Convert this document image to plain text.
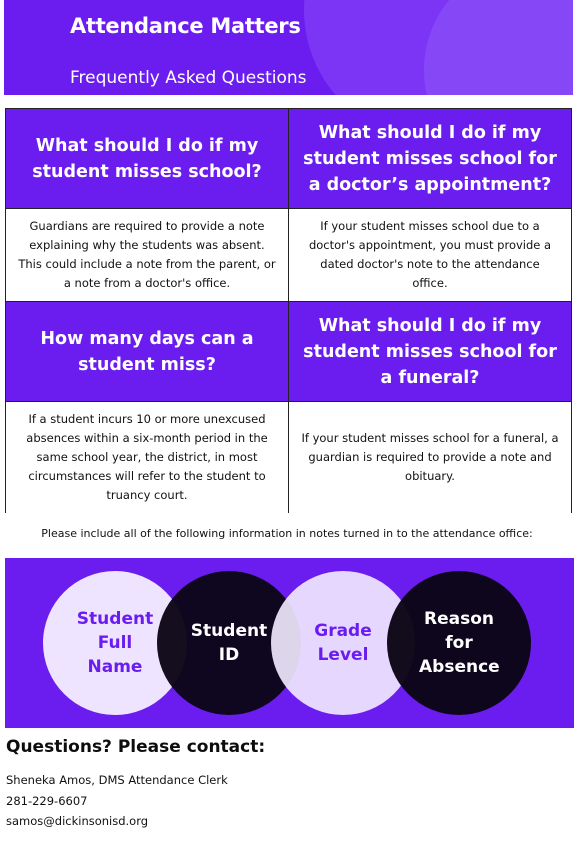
Attendance Matters
Frequently Asked Questions
What should I do if my student misses school?
What should I do if my student misses school for a doctor’s appointment?
Guardians are required to provide a note explaining why the students was absent. This could include a note from the parent, or a note from a doctor's office.
If your student misses school due to a doctor's appointment, you must provide a dated doctor's note to the attendance office.
How many days can a student miss?
What should I do if my student misses school for a funeral?
If a student incurs 10 or more unexcused absences within a six-month period in the same school year, the district, in most circumstances will refer to the student to truancy court.
If your student misses school for a funeral, a guardian is required to provide a note and obituary.
Please include all of the following information in notes turned in to the attendance office:
Student Full Name
Student ID
Grade Level
Reason for Absence
Questions? Please contact:
Sheneka Amos, DMS Attendance Clerk
281-229-6607
samos@dickinsonisd.org
